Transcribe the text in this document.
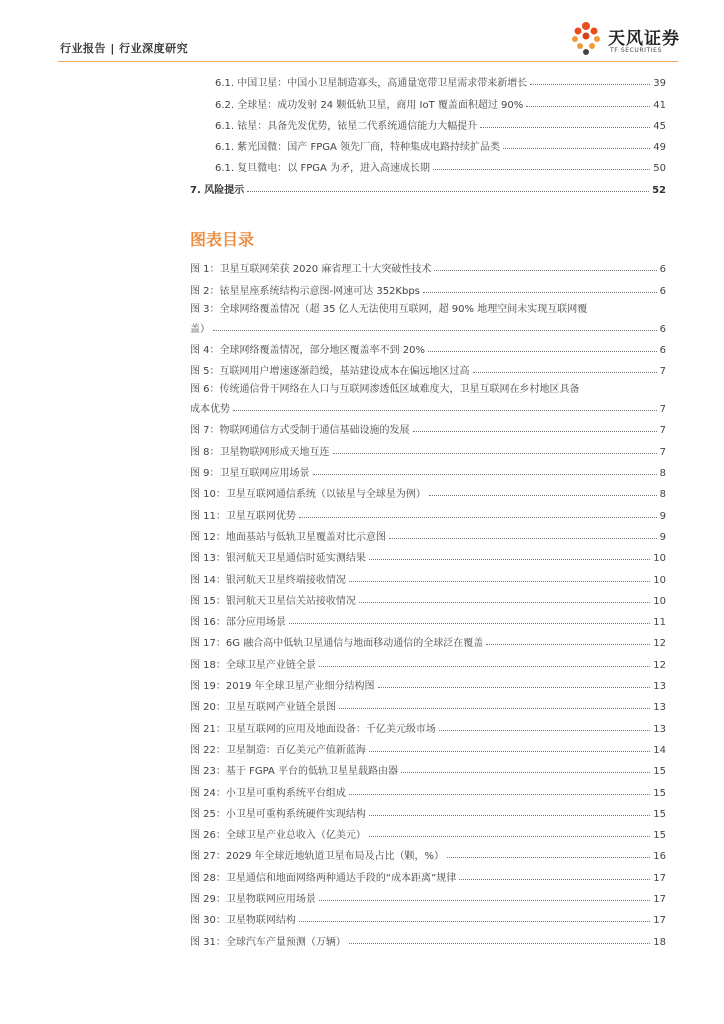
行业报告 | 行业深度研究	天风证券
TF SECURITIES
6.1. 中国卫星：中国小卫星制造寡头，高通量宽带卫星需求带来新增长	39
6.2. 全球星：成功发射 24 颗低轨卫星，商用 IoT 覆盖面积超过 90%	41
6.1. 铱星：具备先发优势，铱星二代系统通信能力大幅提升	45
6.1. 紫光国微：国产 FPGA 领先厂商，特种集成电路持续扩品类	49
6.1. 复旦微电：以 FPGA 为矛，进入高速成长期	50
7. 风险提示	52
图表目录
图 1：卫星互联网荣获 2020 麻省理工十大突破性技术	6
图 2：铱星星座系统结构示意图-网速可达 352Kbps	6
图 3：全球网络覆盖情况（超 35 亿人无法使用互联网，超 90% 地理空间未实现互联网覆
盖）	6
图 4：全球网络覆盖情况，部分地区覆盖率不到 20%	6
图 5：互联网用户增速逐渐趋缓，基站建设成本在偏远地区过高	7
图 6：传统通信骨干网络在人口与互联网渗透低区域难度大，卫星互联网在乡村地区具备
成本优势	7
图 7：物联网通信方式受制于通信基础设施的发展	7
图 8：卫星物联网形成天地互连	7
图 9：卫星互联网应用场景	8
图 10：卫星互联网通信系统（以铱星与全球星为例）	8
图 11：卫星互联网优势	9
图 12：地面基站与低轨卫星覆盖对比示意图	9
图 13：银河航天卫星通信时延实测结果	10
图 14：银河航天卫星终端接收情况	10
图 15：银河航天卫星信关站接收情况	10
图 16：部分应用场景	11
图 17：6G 融合高中低轨卫星通信与地面移动通信的全球泛在覆盖	12
图 18：全球卫星产业链全景	12
图 19：2019 年全球卫星产业细分结构图	13
图 20：卫星互联网产业链全景图	13
图 21：卫星互联网的应用及地面设备：千亿美元级市场	13
图 22：卫星制造：百亿美元产值新蓝海	14
图 23：基于 FGPA 平台的低轨卫星星载路由器	15
图 24：小卫星可重构系统平台组成	15
图 25：小卫星可重构系统硬件实现结构	15
图 26：全球卫星产业总收入（亿美元）	15
图 27：2029 年全球近地轨道卫星布局及占比（颗，%）	16
图 28：卫星通信和地面网络两种通达手段的“成本距离”规律	17
图 29：卫星物联网应用场景	17
图 30：卫星物联网结构	17
图 31：全球汽车产量预测（万辆）	18
